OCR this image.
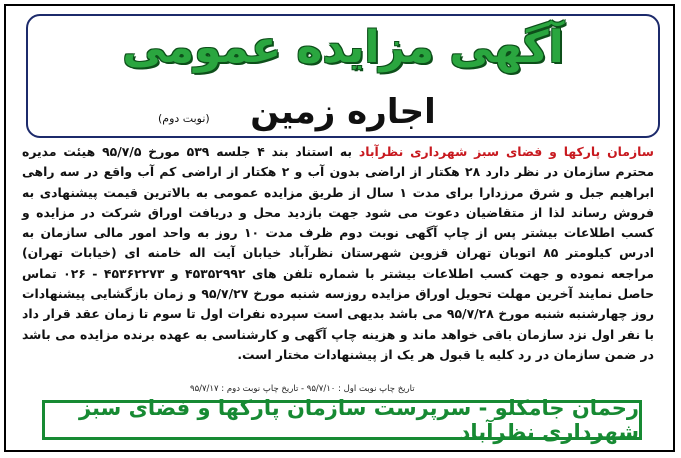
آگهی مزایده عمومی
اجاره زمین
(نوبت دوم)
سازمان پارکها و فضای سبز شهرداری نظرآباد به استناد بند ۴ جلسه ۵۳۹ مورخ ۹۵/۷/۵ هیئت مدیره محترم سازمان در نظر دارد ۲۸ هکتار از اراضی بدون آب و ۲ هکتار از اراضی کم آب واقع در سه راهی ابراهیم جبل و شرق مرزدارا برای مدت ۱ سال از طریق مزایده عمومی به بالاترین قیمت پیشنهادی به فروش رساند لذا از متقاضیان دعوت می شود جهت بازدید محل و دریافت اوراق شرکت در مزایده و کسب اطلاعات بیشتر پس از چاپ آگهی نوبت دوم ظرف مدت ۱۰ روز به واحد امور مالی سازمان به ادرس کیلومتر ۸۵ اتوبان تهران قزوین شهرستان نظرآباد خیابان آیت اله خامنه ای (خیابات تهران) مراجعه نموده و جهت کسب اطلاعات بیشتر با شماره تلفن های ۴۵۳۵۲۹۹۲ و ۴۵۳۶۲۲۷۳ - ۰۲۶ تماس حاصل نمایند آخرین مهلت تحویل اوراق مزایده روزسه شنبه مورخ ۹۵/۷/۲۷ و زمان بازگشایی پیشنهادات روز چهارشنبه شنبه مورخ ۹۵/۷/۲۸ می باشد بدیهی است سپرده نفرات اول تا سوم تا زمان عقد قرار داد با نفر اول نزد سازمان باقی خواهد ماند و هزینه چاپ آگهی و کارشناسی به عهده برنده مزایده می باشد در ضمن سازمان در رد کلیه یا قبول هر یک از پیشنهادات مختار است.
تاریخ چاپ نوبت اول : ۹۵/۷/۱۰ - تاریخ چاپ نوبت دوم : ۹۵/۷/۱۷
رحمان جامکلو - سرپرست سازمان پارکها و فضای سبز شهرداری نظرآباد
